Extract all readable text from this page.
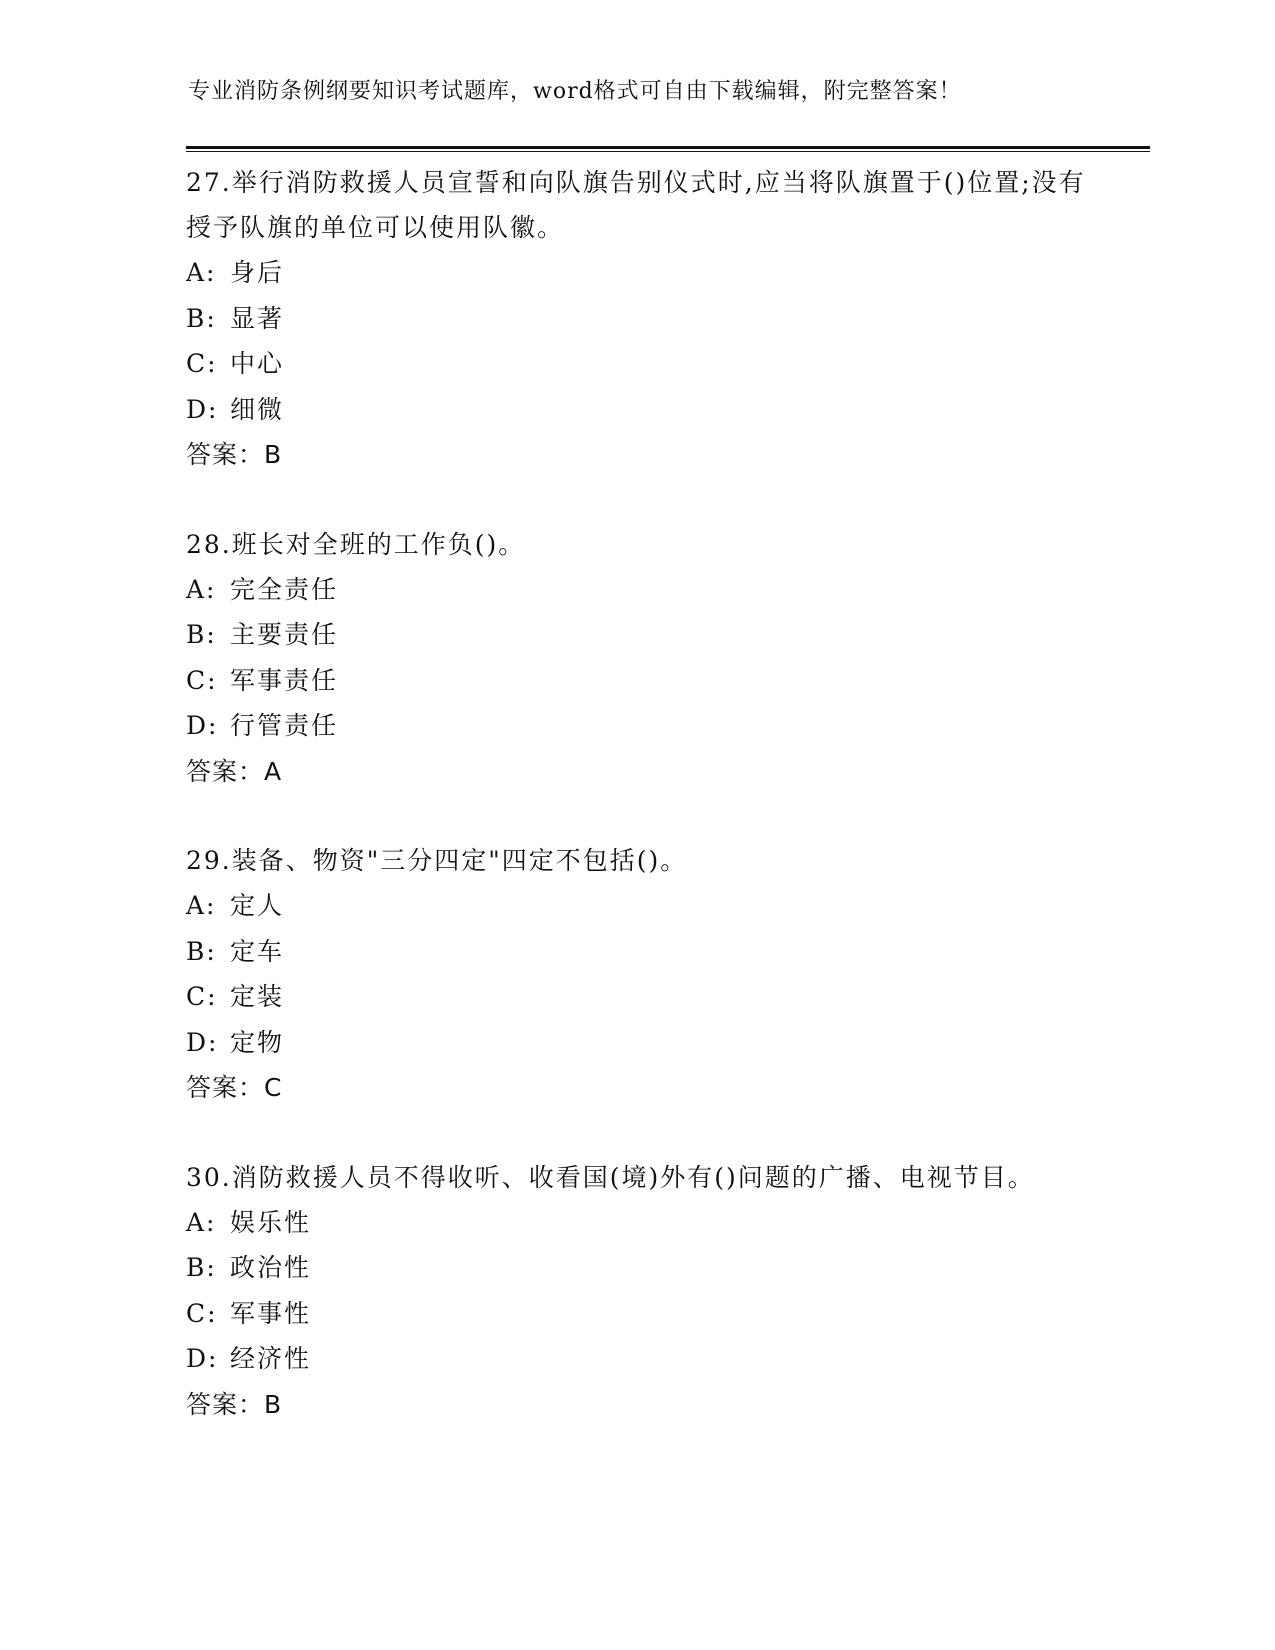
专业消防条例纲要知识考试题库，word格式可自由下载编辑，附完整答案！

27.举行消防救援人员宣誓和向队旗告别仪式时,应当将队旗置于()位置;没有授予队旗的单位可以使用队徽。

A: 身后
B: 显著
C: 中心
D: 细微
答案：B

28.班长对全班的工作负()。

A: 完全责任
B: 主要责任
C: 军事责任
D: 行管责任
答案：A

29.装备、物资"三分四定"四定不包括()。

A: 定人
B: 定车
C: 定装
D: 定物
答案：C

30.消防救援人员不得收听、收看国(境)外有()问题的广播、电视节目。

A: 娱乐性
B: 政治性
C: 军事性
D: 经济性
答案：B
